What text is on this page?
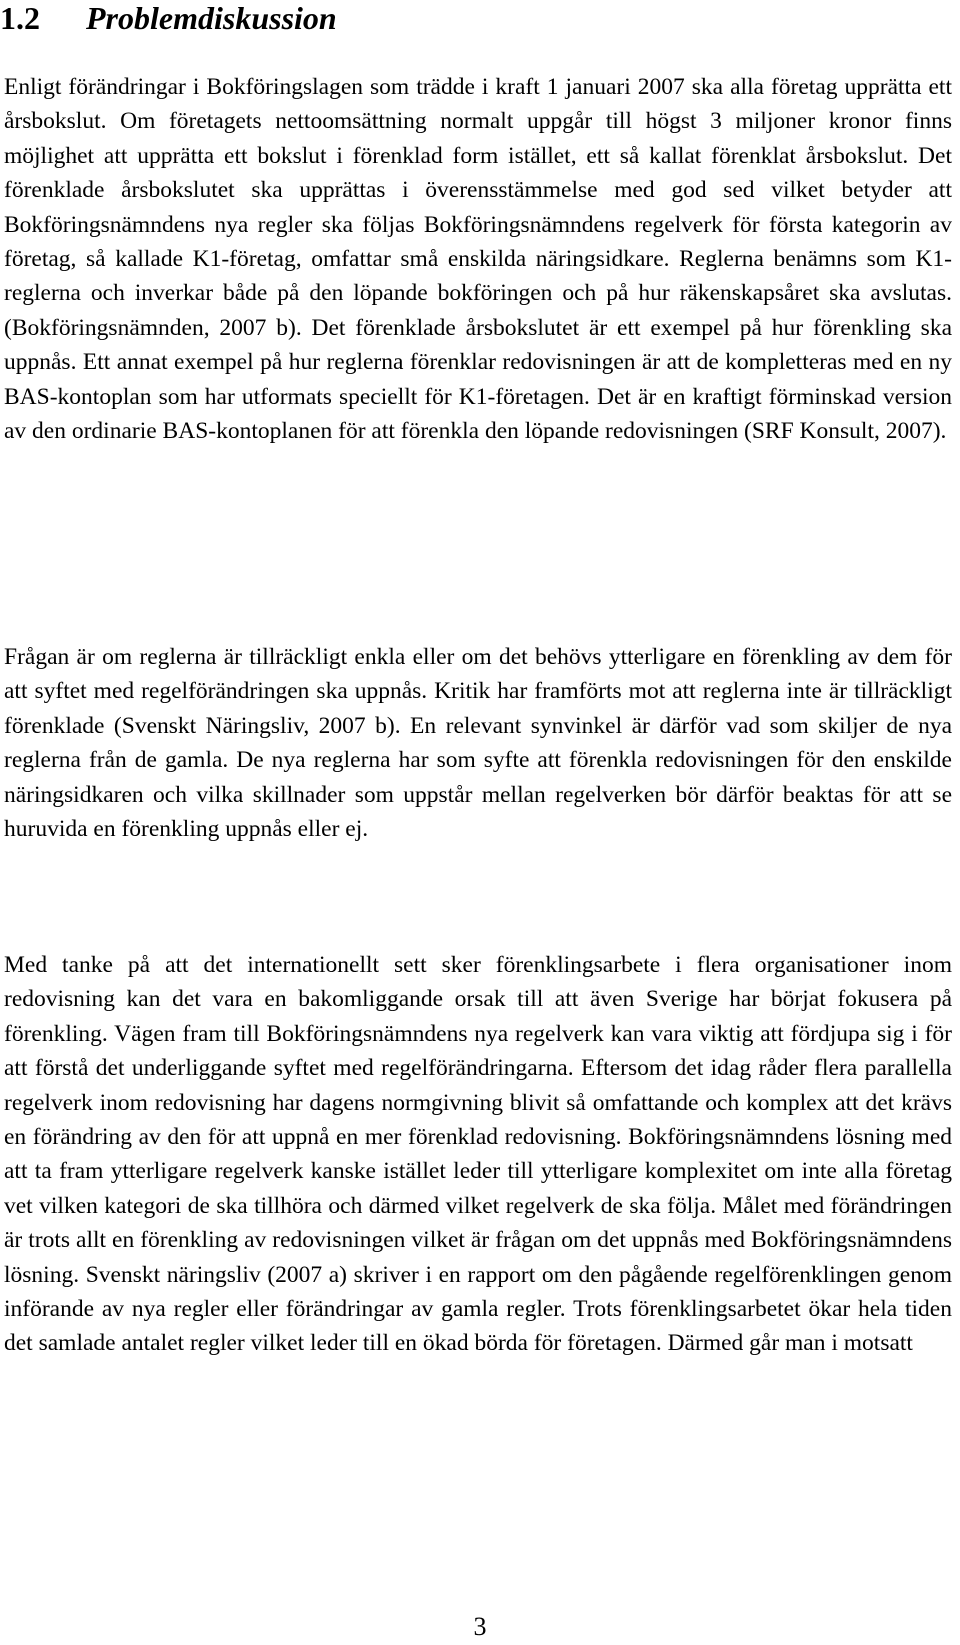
1.2 Problemdiskussion

Enligt förändringar i Bokföringslagen som trädde i kraft 1 januari 2007 ska alla företag upprätta ett årsbokslut. Om företagets nettoomsättning normalt uppgår till högst 3 miljoner kronor finns möjlighet att upprätta ett bokslut i förenklad form istället, ett så kallat förenklat årsbokslut. Det förenklade årsbokslutet ska upprättas i överensstämmelse med god sed vilket betyder att Bokföringsnämndens nya regler ska följas Bokföringsnämndens regelverk för första kategorin av företag, så kallade K1-företag, omfattar små enskilda näringsidkare. Reglerna benämns som K1-reglerna och inverkar både på den löpande bokföringen och på hur räkenskapsåret ska avslutas. (Bokföringsnämnden, 2007 b). Det förenklade årsbokslutet är ett exempel på hur förenkling ska uppnås. Ett annat exempel på hur reglerna förenklar redovisningen är att de kompletteras med en ny BAS-kontoplan som har utformats speciellt för K1-företagen. Det är en kraftigt förminskad version av den ordinarie BAS-kontoplanen för att förenkla den löpande redovisningen (SRF Konsult, 2007).

Frågan är om reglerna är tillräckligt enkla eller om det behövs ytterligare en förenkling av dem för att syftet med regelförändringen ska uppnås. Kritik har framförts mot att reglerna inte är tillräckligt förenklade (Svenskt Näringsliv, 2007 b). En relevant synvinkel är därför vad som skiljer de nya reglerna från de gamla. De nya reglerna har som syfte att förenkla redovisningen för den enskilde näringsidkaren och vilka skillnader som uppstår mellan regelverken bör därför beaktas för att se huruvida en förenkling uppnås eller ej.

Med tanke på att det internationellt sett sker förenklingsarbete i flera organisationer inom redovisning kan det vara en bakomliggande orsak till att även Sverige har börjat fokusera på förenkling. Vägen fram till Bokföringsnämndens nya regelverk kan vara viktig att fördjupa sig i för att förstå det underliggande syftet med regelförändringarna. Eftersom det idag råder flera parallella regelverk inom redovisning har dagens normgivning blivit så omfattande och komplex att det krävs en förändring av den för att uppnå en mer förenklad redovisning. Bokföringsnämndens lösning med att ta fram ytterligare regelverk kanske istället leder till ytterligare komplexitet om inte alla företag vet vilken kategori de ska tillhöra och därmed vilket regelverk de ska följa. Målet med förändringen är trots allt en förenkling av redovisningen vilket är frågan om det uppnås med Bokföringsnämndens lösning. Svenskt näringsliv (2007 a) skriver i en rapport om den pågående regelförenklingen genom införande av nya regler eller förändringar av gamla regler. Trots förenklingsarbetet ökar hela tiden det samlade antalet regler vilket leder till en ökad börda för företagen. Därmed går man i motsatt

3
